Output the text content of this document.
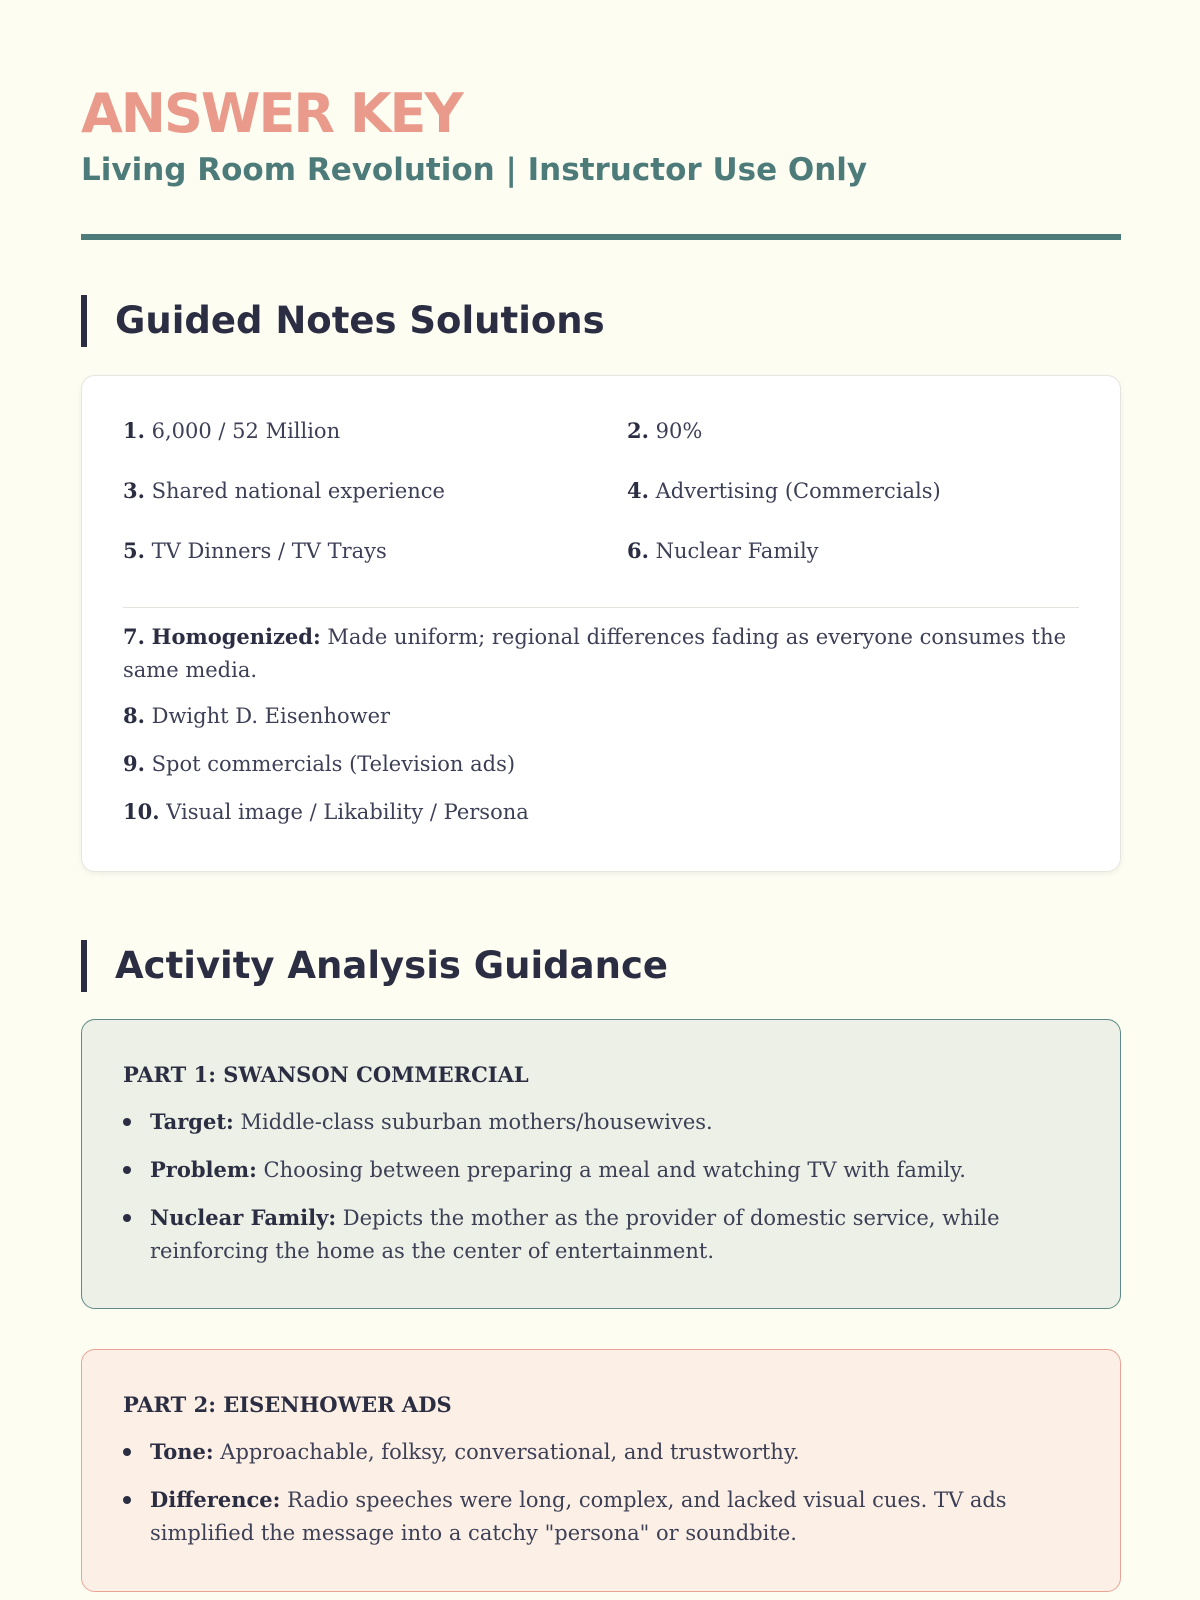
ANSWER KEY
Living Room Revolution | Instructor Use Only
Guided Notes Solutions
1. 6,000 / 52 Million	2. 90%
3. Shared national experience	4. Advertising (Commercials)
5. TV Dinners / TV Trays	6. Nuclear Family
7. Homogenized: Made uniform; regional differences fading as everyone consumes the same media.
8. Dwight D. Eisenhower
9. Spot commercials (Television ads)
10. Visual image / Likability / Persona
Activity Analysis Guidance
PART 1: SWANSON COMMERCIAL
Target: Middle-class suburban mothers/housewives.
Problem: Choosing between preparing a meal and watching TV with family.
Nuclear Family: Depicts the mother as the provider of domestic service, while reinforcing the home as the center of entertainment.
PART 2: EISENHOWER ADS
Tone: Approachable, folksy, conversational, and trustworthy.
Difference: Radio speeches were long, complex, and lacked visual cues. TV ads simplified the message into a catchy "persona" or soundbite.
